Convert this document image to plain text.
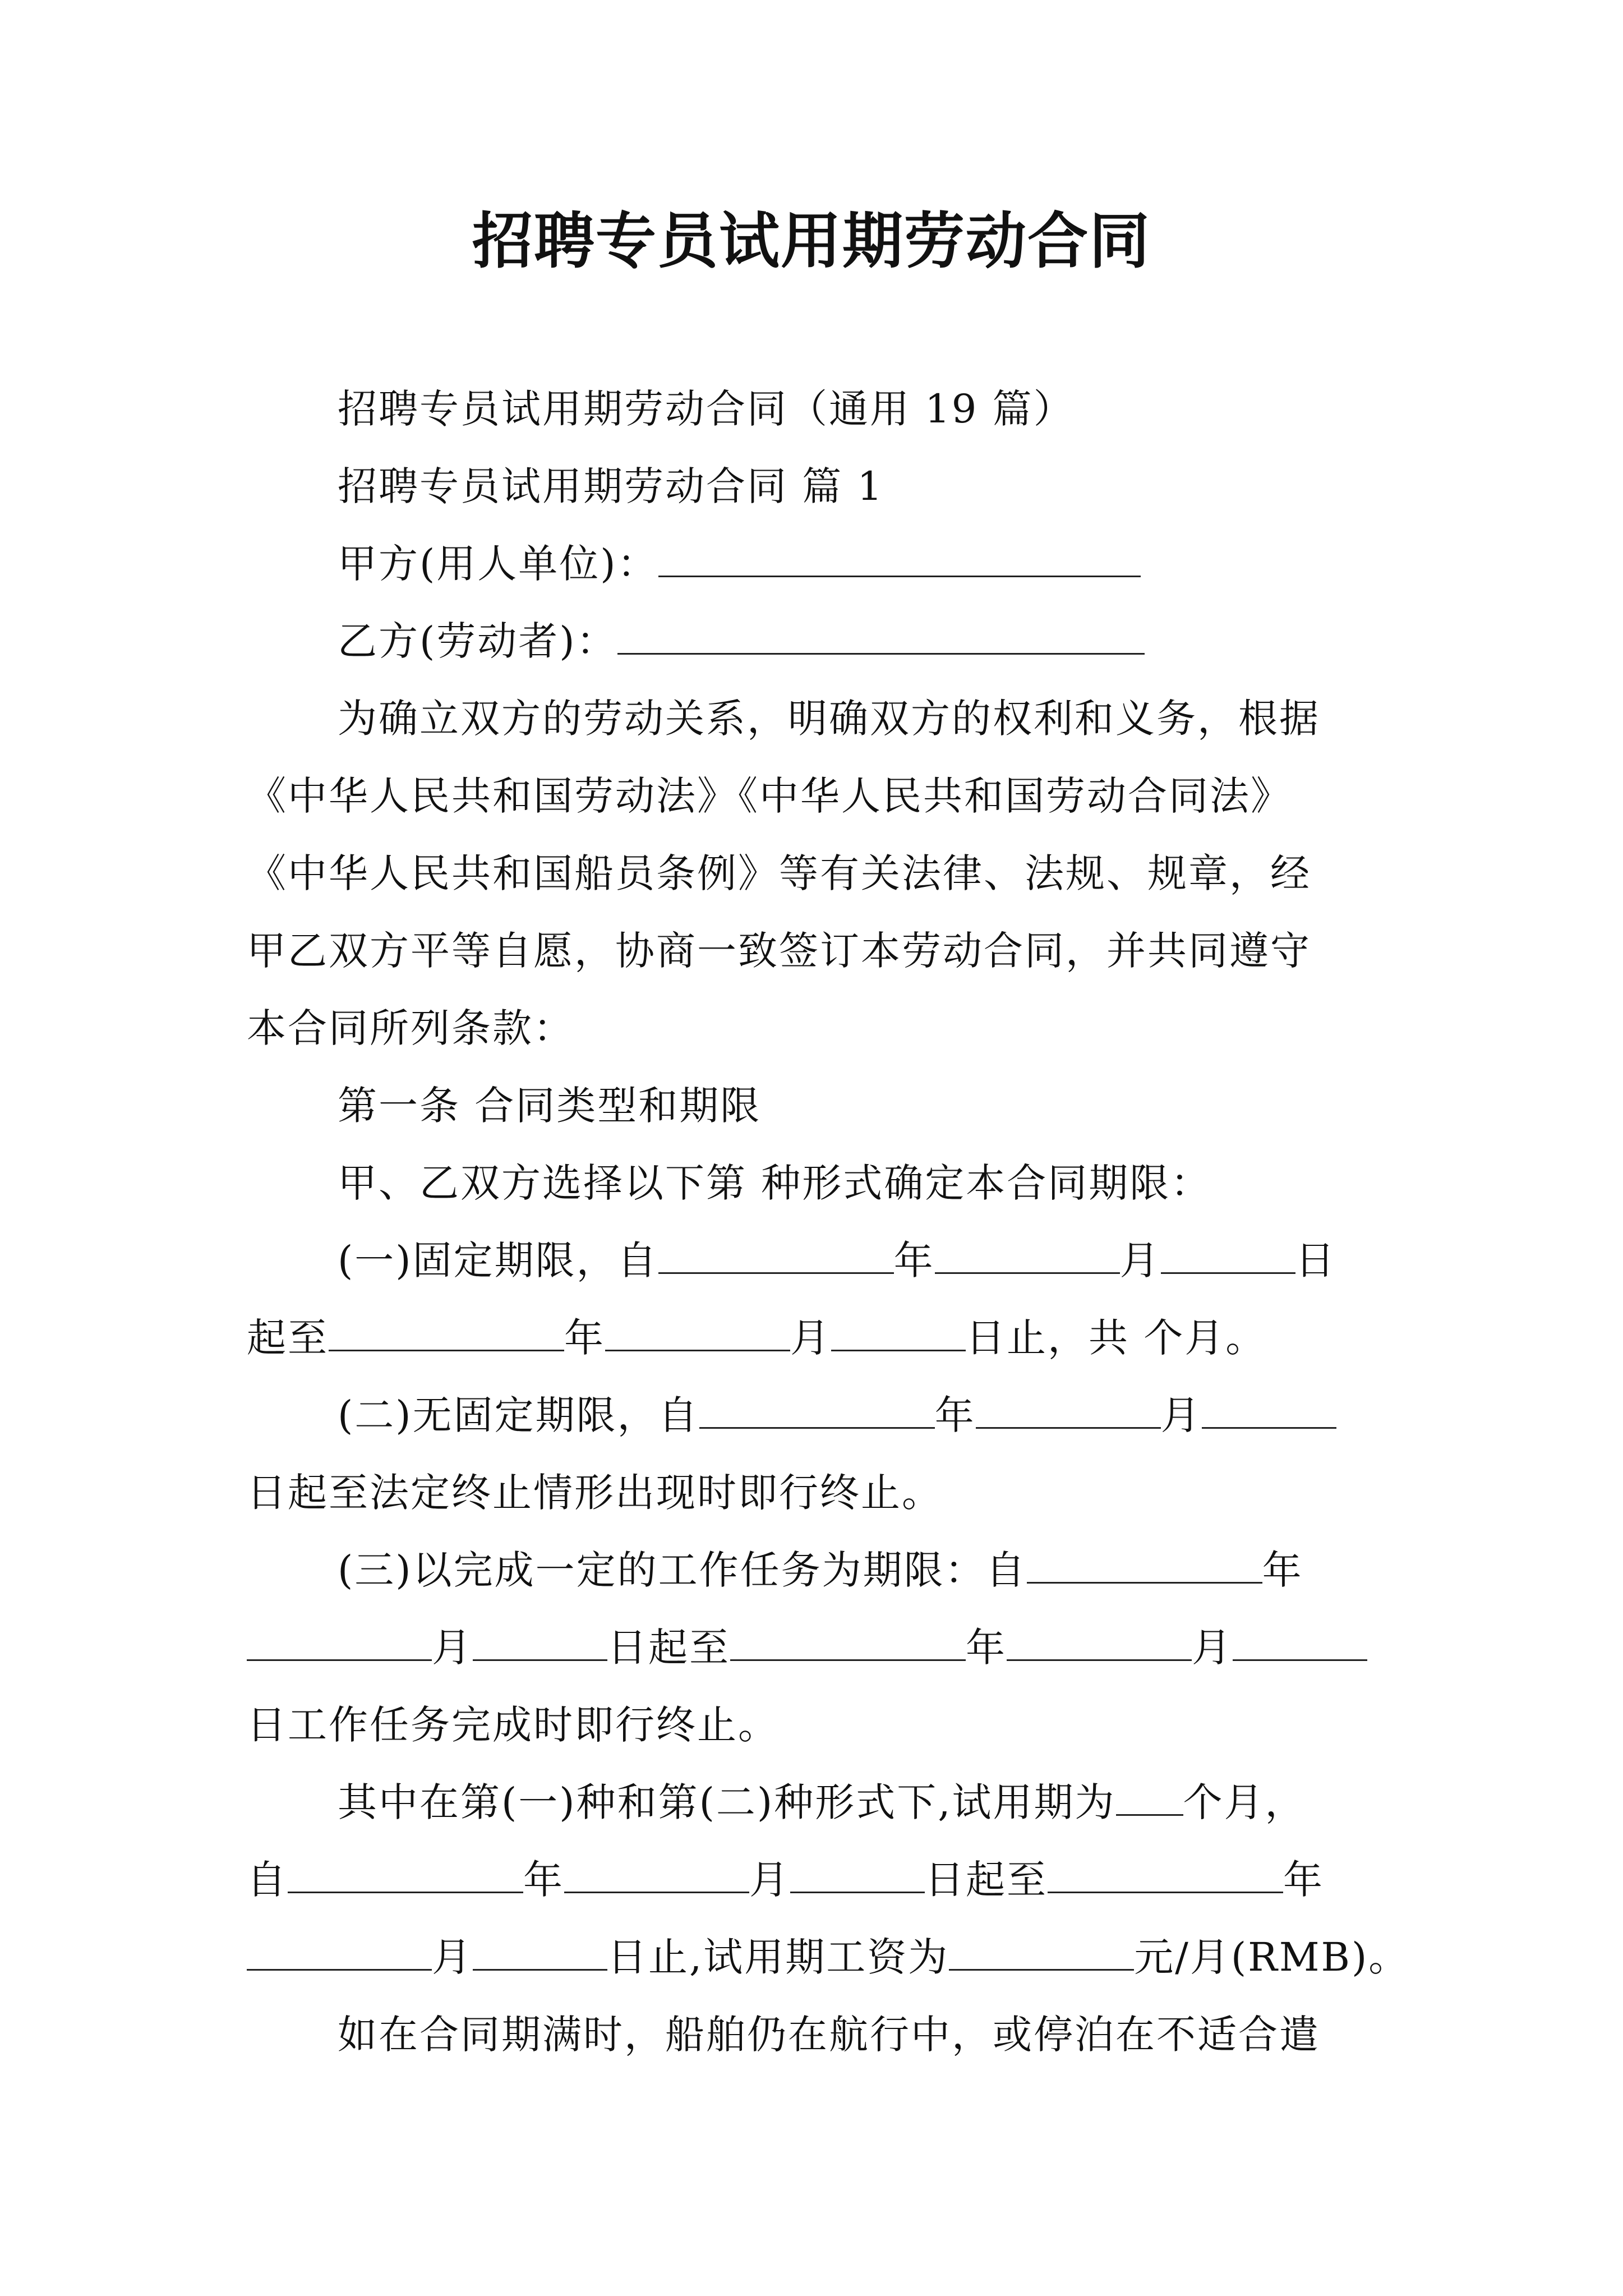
招聘专员试用期劳动合同
招聘专员试用期劳动合同（通用 19 篇）
招聘专员试用期劳动合同 篇 1
甲方(用人单位)：
乙方(劳动者)：
为确立双方的劳动关系，明确双方的权利和义务，根据
《中华人民共和国劳动法》《中华人民共和国劳动合同法》
《中华人民共和国船员条例》等有关法律、法规、规章，经
甲乙双方平等自愿，协商一致签订本劳动合同，并共同遵守
本合同所列条款：
第一条 合同类型和期限
甲、乙双方选择以下第 种形式确定本合同期限：
(一)固定期限，自	年	月	日
起至	年	月	日止，共 个月。
(二)无固定期限，自	年	月
日起至法定终止情形出现时即行终止。
(三)以完成一定的工作任务为期限：自	年
月	日起至	年	月
日工作任务完成时即行终止。
其中在第(一)种和第(二)种形式下,试用期为 个月，
自	年	月	日起至	年
月	日止,试用期工资为	元/月(RMB)。
如在合同期满时，船舶仍在航行中，或停泊在不适合遣
